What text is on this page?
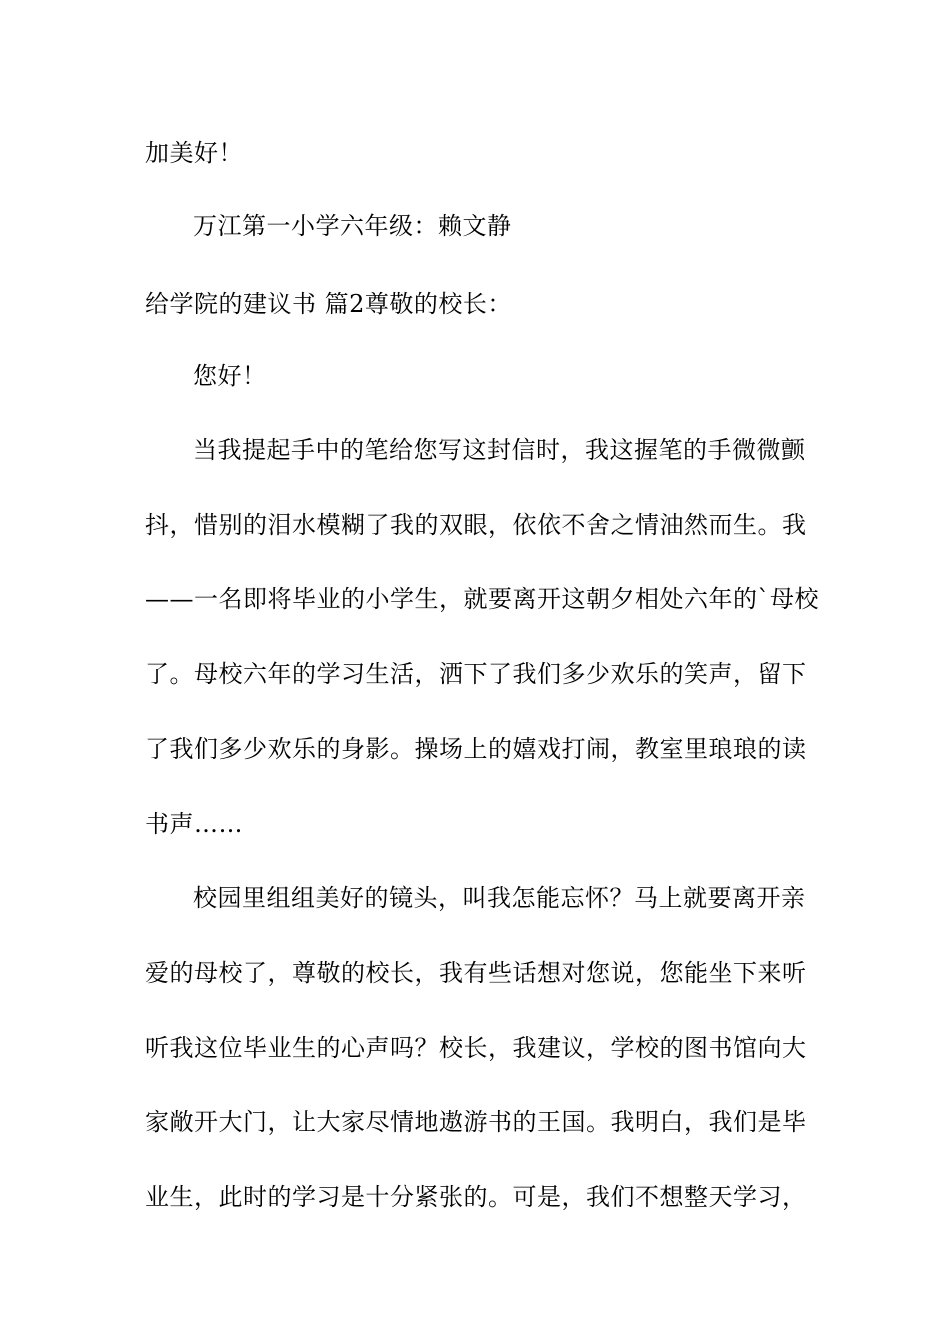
加美好！
万江第一小学六年级：赖文静
给学院的建议书 篇2尊敬的校长：
您好！
当我提起手中的笔给您写这封信时，我这握笔的手微微颤
抖，惜别的泪水模糊了我的双眼，依依不舍之情油然而生。我
——一名即将毕业的小学生，就要离开这朝夕相处六年的`母校
了。母校六年的学习生活，洒下了我们多少欢乐的笑声，留下
了我们多少欢乐的身影。操场上的嬉戏打闹，教室里琅琅的读
书声……
校园里组组美好的镜头，叫我怎能忘怀？马上就要离开亲
爱的母校了，尊敬的校长，我有些话想对您说，您能坐下来听
听我这位毕业生的心声吗？校长，我建议，学校的图书馆向大
家敞开大门，让大家尽情地遨游书的王国。我明白，我们是毕
业生，此时的学习是十分紧张的。可是，我们不想整天学习，
